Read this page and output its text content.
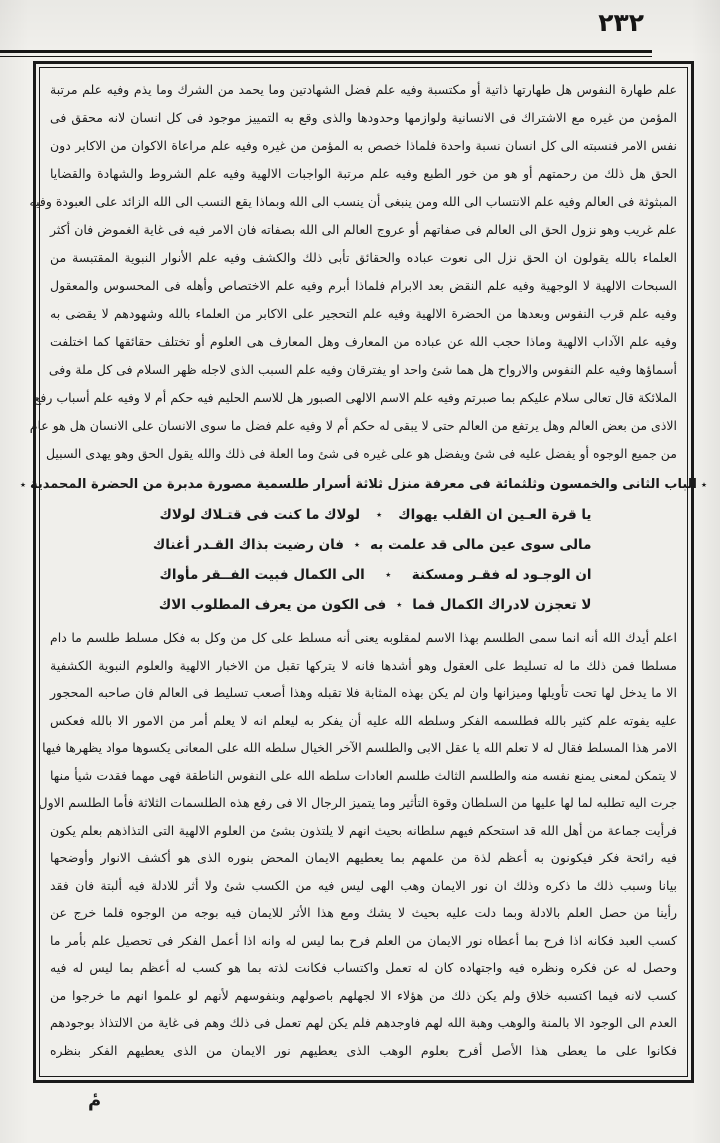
٢٣٢
علم طهارة النفوس هل طهارتها ذاتية أو مكتسبة وفيه علم فضل الشهادتين وما يحمد من الشرك وما يذم وفيه علم مرتبة
المؤمن من غيره مع الاشتراك فى الانسانية ولوازمها وحدودها والذى وقع به التمييز موجود فى كل انسان لانه محقق فى
نفس الامر فنسبته الى كل انسان نسبة واحدة فلماذا خصص به المؤمن من غيره وفيه علم مراعاة الاكوان من الاكابر دون
الحق هل ذلك من رحمتهم أو هو من خور الطبع وفيه علم مرتبة الواجبات الالهية وفيه علم الشروط والشهادة والقضايا
المبثوثة فى العالم وفيه علم الانتساب الى الله ومن ينبغى أن ينسب الى الله وبماذا يقع النسب الى الله الزائد على العبودة وفيه
علم غريب وهو نزول الحق الى العالم فى صفاتهم أو عروج العالم الى الله بصفاته فان الامر فيه فى غاية الغموض فان أكثر
العلماء بالله يقولون ان الحق نزل الى نعوت عباده والحقائق تأبى ذلك والكشف وفيه علم الأنوار النبوية المقتبسة من
السبحات الالهية لا الوجهية وفيه علم النقض بعد الابرام فلماذا أبرم وفيه علم الاختصاص وأهله فى المحسوس والمعقول
وفيه علم قرب النفوس وبعدها من الحضرة الالهية وفيه علم التحجير على الاكابر من العلماء بالله وشهودهم لا يقضى به
وفيه علم الآداب الالهية وماذا حجب الله عن عباده من المعارف وهل المعارف هى العلوم أو تختلف حقائقها كما اختلفت
أسماؤها وفيه علم النفوس والارواح هل هما شئ واحد او يفترقان وفيه علم السبب الذى لاجله ظهر السلام فى كل ملة وفى
الملائكة قال تعالى سلام عليكم بما صبرتم وفيه علم الاسم الالهى الصبور هل للاسم الحليم فيه حكم أم لا وفيه علم أسباب رفع
الاذى من بعض العالم وهل يرتفع من العالم حتى لا يبقى له حكم أم لا وفيه علم فضل ما سوى الانسان على الانسان هل هو عام
من جميع الوجوه أو يفضل عليه فى شئ ويفضل هو على غيره فى شئ وما العلة فى ذلك والله يقول الحق وهو يهدى السبيل
٭
الباب الثانى والخمسون وثلثمائة فى معرفة منزل ثلاثة أسرار طلسمية مصورة مدبرة من الحضرة المحمدية
٭
يا قرة العـين ان القلب يهواك
٭
لولاك ما كنت فى قتـلاك لولاك
مالى سوى عين مالى قد علمت به
٭
فان رضيت بذاك القـدر أغناك
ان الوجـود له فقـر ومسكنة
٭
الى الكمال فبيت الفــقر مأواك
لا تعجزن لادراك الكمال فما
٭
فى الكون من يعرف المطلوب الاك
اعلم أيدك الله أنه انما سمى الطلسم بهذا الاسم لمقلوبه يعنى أنه مسلط على كل من وكل به فكل مسلط طلسم ما دام
مسلطا فمن ذلك ما له تسليط على العقول وهو أشدها فانه لا يتركها تقبل من الاخبار الالهية والعلوم النبوية الكشفية
الا ما يدخل لها تحت تأويلها وميزانها وان لم يكن بهذه المثابة فلا تقبله وهذا أصعب تسليط فى العالم فان صاحبه المحجور
عليه يفوته علم كثير بالله فطلسمه الفكر وسلطه الله عليه أن يفكر به ليعلم انه لا يعلم أمر من الامور الا بالله فعكس
الامر هذا المسلط فقال له لا تعلم الله يا عقل الابى والطلسم الآخر الخيال سلطه الله على المعانى يكسوها مواد يظهرها فيها
لا يتمكن لمعنى يمنع نفسه منه والطلسم الثالث طلسم العادات سلطه الله على النفوس الناطقة فهى مهما فقدت شيأ منها
جرت اليه تطلبه لما لها عليها من السلطان وقوة التأثير وما يتميز الرجال الا فى رفع هذه الطلسمات الثلاثة فأما الطلسم الاول
فرأيت جماعة من أهل الله قد استحكم فيهم سلطانه بحيث انهم لا يلتذون بشئ من العلوم الالهية التى التذاذهم بعلم يكون
فيه رائحة فكر فيكونون به أعظم لذة من علمهم بما يعطيهم الايمان المحض بنوره الذى هو أكشف الانوار وأوضحها
بيانا وسبب ذلك ما ذكره وذلك ان نور الايمان وهب الهى ليس فيه من الكسب شئ ولا أثر للادلة فيه ألبتة فان فقد
رأينا من حصل العلم بالادلة وبما دلت عليه بحيث لا يشك ومع هذا الأثر للايمان فيه بوجه من الوجوه فلما خرج عن
كسب العبد فكانه اذا فرح بما أعطاه نور الايمان من العلم فرح بما ليس له وانه اذا أعمل الفكر فى تحصيل علم بأمر ما
وحصل له عن فكره ونظره فيه واجتهاده كان له تعمل واكتساب فكانت لذته بما هو كسب له أعظم بما ليس له فيه
كسب لانه فيما اكتسبه خلاق ولم يكن ذلك من هؤلاء الا لجهلهم باصولهم وبنفوسهم لأنهم لو علموا انهم ما خرجوا من
العدم الى الوجود الا بالمنة والوهب وهبة الله لهم فاوجدهم فلم يكن لهم تعمل فى ذلك وهم فى غاية من الالتذاذ بوجودهم
فكانوا على ما يعطى هذا الأصل أفرح بعلوم الوهب الذى يعطيهم نور الايمان من الذى يعطيهم الفكر بنظره
مٔ
